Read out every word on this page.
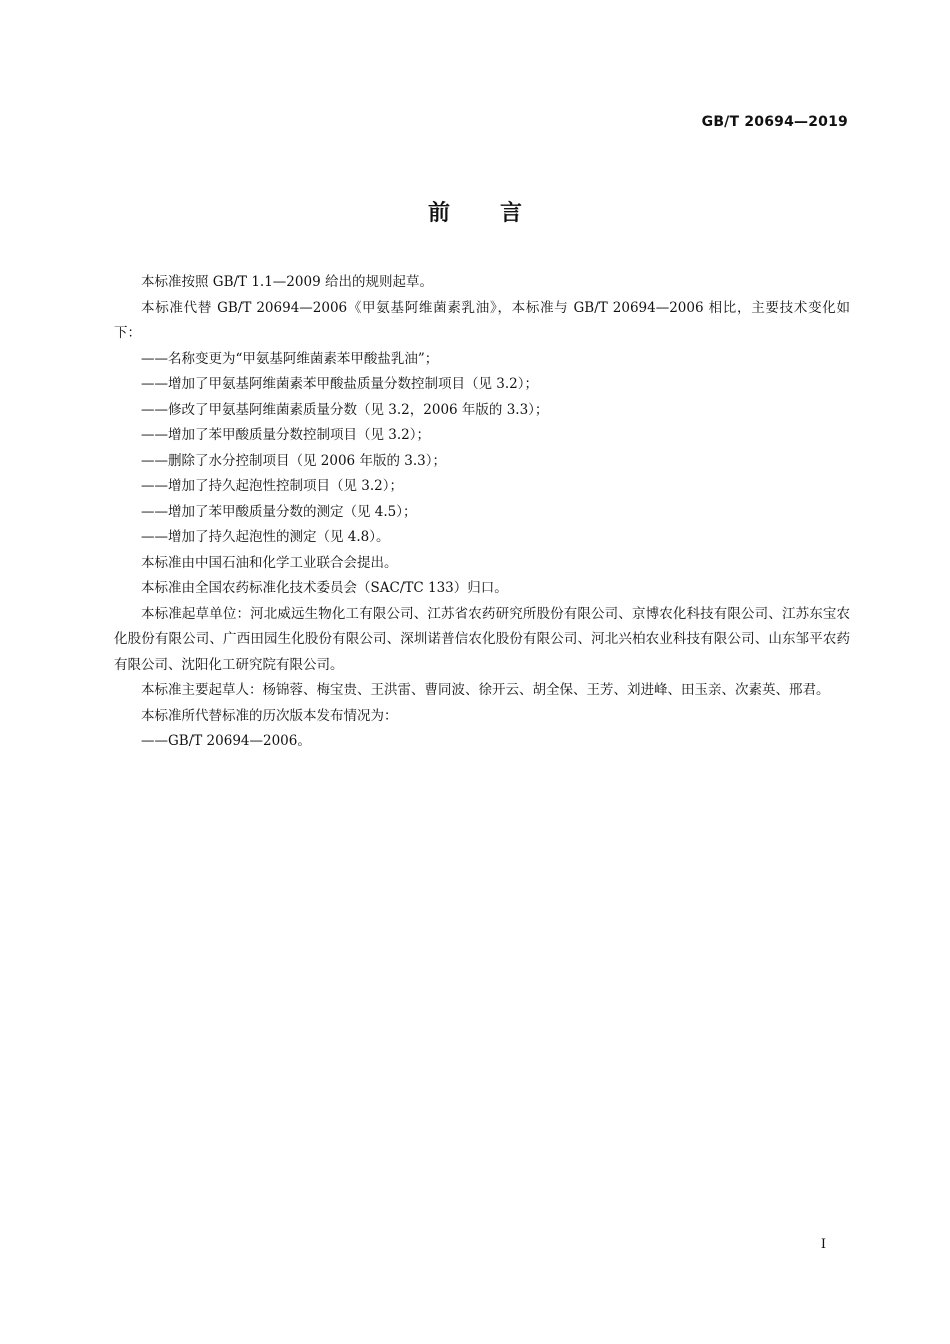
GB/T 20694—2019
前言

本标准按照 GB/T 1.1—2009 给出的规则起草。

本标准代替 GB/T 20694—2006《甲氨基阿维菌素乳油》，本标准与 GB/T 20694—2006 相比，主要技术变化如下：

——名称变更为“甲氨基阿维菌素苯甲酸盐乳油”；

——增加了甲氨基阿维菌素苯甲酸盐质量分数控制项目（见 3.2）；

——修改了甲氨基阿维菌素质量分数（见 3.2，2006 年版的 3.3）；

——增加了苯甲酸质量分数控制项目（见 3.2）；

——删除了水分控制项目（见 2006 年版的 3.3）；

——增加了持久起泡性控制项目（见 3.2）；

——增加了苯甲酸质量分数的测定（见 4.5）；

——增加了持久起泡性的测定（见 4.8）。

本标准由中国石油和化学工业联合会提出。

本标准由全国农药标准化技术委员会（SAC/TC 133）归口。

本标准起草单位：河北威远生物化工有限公司、江苏省农药研究所股份有限公司、京博农化科技有限公司、江苏东宝农化股份有限公司、广西田园生化股份有限公司、深圳诺普信农化股份有限公司、河北兴柏农业科技有限公司、山东邹平农药有限公司、沈阳化工研究院有限公司。

本标准主要起草人：杨锦蓉、梅宝贵、王洪雷、曹同波、徐开云、胡全保、王芳、刘进峰、田玉亲、次素英、邢君。

本标准所代替标准的历次版本发布情况为：

——GB/T 20694—2006。

I
